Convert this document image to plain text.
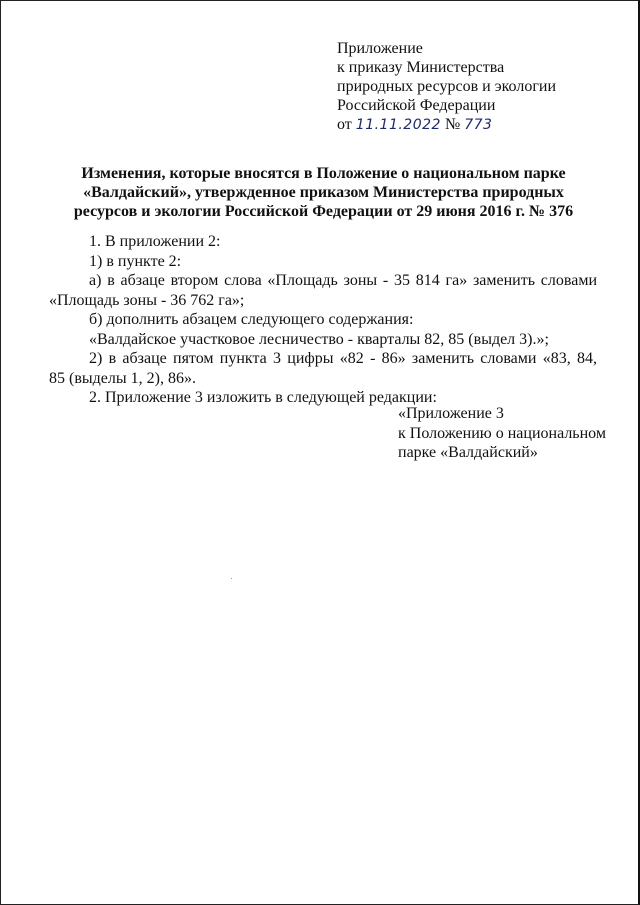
Приложение
к приказу Министерства
природных ресурсов и экологии
Российской Федерации
от 11.11.2022 № 773
Изменения, которые вносятся в Положение о национальном парке
«Валдайский», утвержденное приказом Министерства природных
ресурсов и экологии Российской Федерации от 29 июня 2016 г. № 376

1. В приложении 2:

1) в пункте 2:

а) в абзаце втором слова «Площадь зоны - 35 814 га» заменить словами

«Площадь зоны - 36 762 га»;

б) дополнить абзацем следующего содержания:

«Валдайское участковое лесничество - кварталы 82, 85 (выдел 3).»;

2) в абзаце пятом пункта 3 цифры «82 - 86» заменить словами «83, 84,

85 (выделы 1, 2), 86».

2. Приложение 3 изложить в следующей редакции:

«Приложение 3
к Положению о национальном
парке «Валдайский»
